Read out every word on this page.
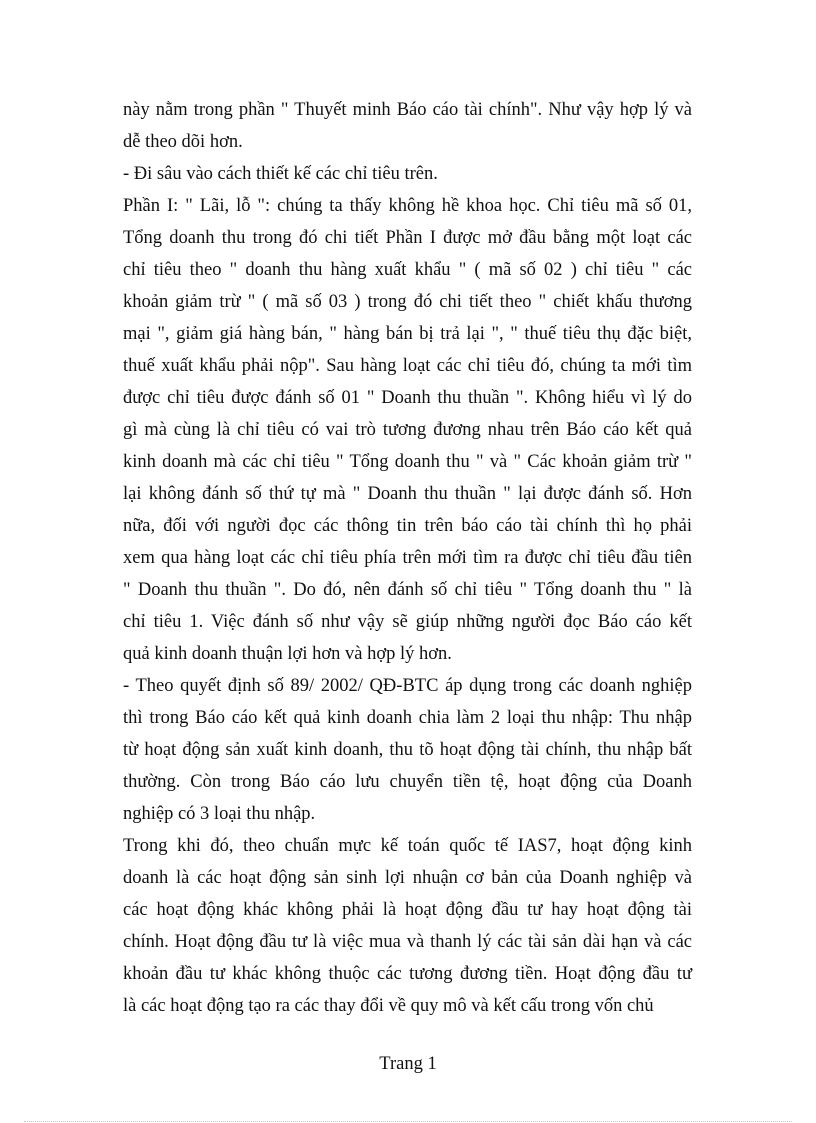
này nằm trong phần " Thuyết minh Báo cáo tài chính". Như vậy hợp lý và
dễ theo dõi hơn.
- Đi sâu vào cách thiết kế các chỉ tiêu trên.
Phần I: " Lãi, lỗ ": chúng ta thấy không hề khoa học. Chỉ tiêu mã số 01,
Tổng doanh thu trong đó chi tiết Phần I được mở đầu bằng một loạt các
chỉ tiêu theo " doanh thu hàng xuất khẩu " ( mã số 02 ) chỉ tiêu " các
khoản giảm trừ " ( mã số 03 ) trong đó chi tiết theo " chiết khấu thương
mại ", giảm giá hàng bán, " hàng bán bị trả lại ", " thuế tiêu thụ đặc biệt,
thuế xuất khẩu phải nộp". Sau hàng loạt các chỉ tiêu đó, chúng ta mới tìm
được chỉ tiêu được đánh số 01 " Doanh thu thuần ". Không hiểu vì lý do
gì mà cùng là chỉ tiêu có vai trò tương đương nhau trên Báo cáo kết quả
kinh doanh mà các chỉ tiêu " Tổng doanh thu " và " Các khoản giảm trừ "
lại không đánh số thứ tự mà " Doanh thu thuần " lại được đánh số. Hơn
nữa, đối với người đọc các thông tin trên báo cáo tài chính thì họ phải
xem qua hàng loạt các chỉ tiêu phía trên mới tìm ra được chỉ tiêu đầu tiên
" Doanh thu thuần ". Do đó, nên đánh số chỉ tiêu " Tổng doanh thu " là
chỉ tiêu 1. Việc đánh số như vậy sẽ giúp những người đọc Báo cáo kết
quả kinh doanh thuận lợi hơn và hợp lý hơn.
- Theo quyết định số 89/ 2002/ QĐ-BTC áp dụng trong các doanh nghiệp
thì trong Báo cáo kết quả kinh doanh chia làm 2 loại thu nhập: Thu nhập
từ hoạt động sản xuất kinh doanh, thu tõ hoạt động tài chính, thu nhập bất
thường. Còn trong Báo cáo lưu chuyển tiền tệ, hoạt động của Doanh
nghiệp có 3 loại thu nhập.
Trong khi đó, theo chuẩn mực kế toán quốc tế IAS7, hoạt động kinh
doanh là các hoạt động sản sinh lợi nhuận cơ bản của Doanh nghiệp và
các hoạt động khác không phải là hoạt động đầu tư hay hoạt động tài
chính. Hoạt động đầu tư là việc mua và thanh lý các tài sản dài hạn và các
khoản đầu tư khác không thuộc các tương đương tiền. Hoạt động đầu tư
là các hoạt động tạo ra các thay đổi về quy mô và kết cấu trong vốn chủ
Trang 1
